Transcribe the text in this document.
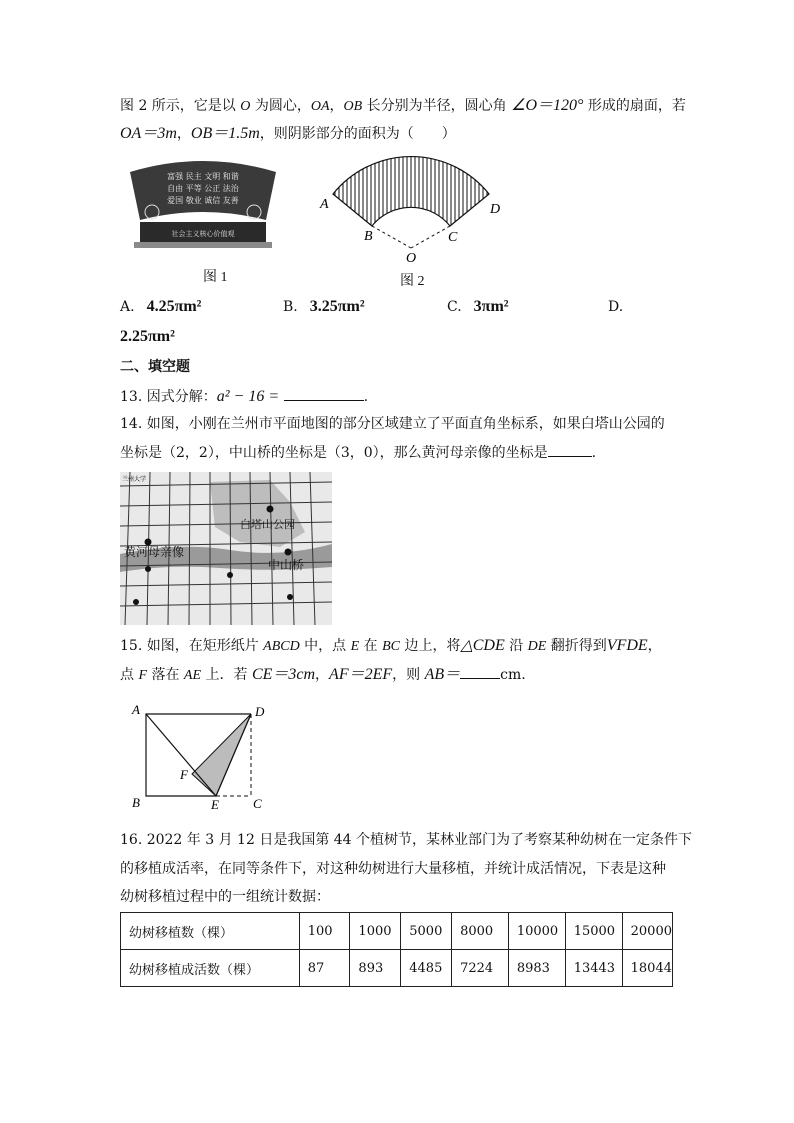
图 2 所示，它是以 O 为圆心，OA，OB 长分别为半径，圆心角 ∠O＝120° 形成的扇面，若
OA＝3m，OB＝1.5m，则阴影部分的面积为（　　）
富强 民主 文明 和谐
自由 平等 公正 法治
爱国 敬业 诚信 友善
社会主义核心价值观
图 1
A
B	C
D
O
图 2
A. 4.25πm²	B. 3.25πm²	C. 3πm²	D.
2.25πm²
二、填空题
13. 因式分解：a² − 16 =	.
14. 如图，小刚在兰州市平面地图的部分区域建立了平面直角坐标系，如果白塔山公园的
坐标是（2，2），中山桥的坐标是（3，0），那么黄河母亲像的坐标是	.
兰州大学
白塔山公园
黄河母亲像
中山桥
15. 如图，在矩形纸片 ABCD 中，点 E 在 BC 边上，将△CDE 沿 DE 翻折得到VFDE，
点 F 落在 AE 上．若 CE＝3cm，AF＝2EF，则 AB＝	cm.
A	D
B	E	C
F
16. 2022 年 3 月 12 日是我国第 44 个植树节，某林业部门为了考察某种幼树在一定条件下
的移植成活率，在同等条件下，对这种幼树进行大量移植，并统计成活情况，下表是这种
幼树移植过程中的一组统计数据：
幼树移植数（棵）	100	1000	5000	8000	10000	15000	20000
幼树移植成活数（棵）	87	893	4485	7224	8983	13443	18044
